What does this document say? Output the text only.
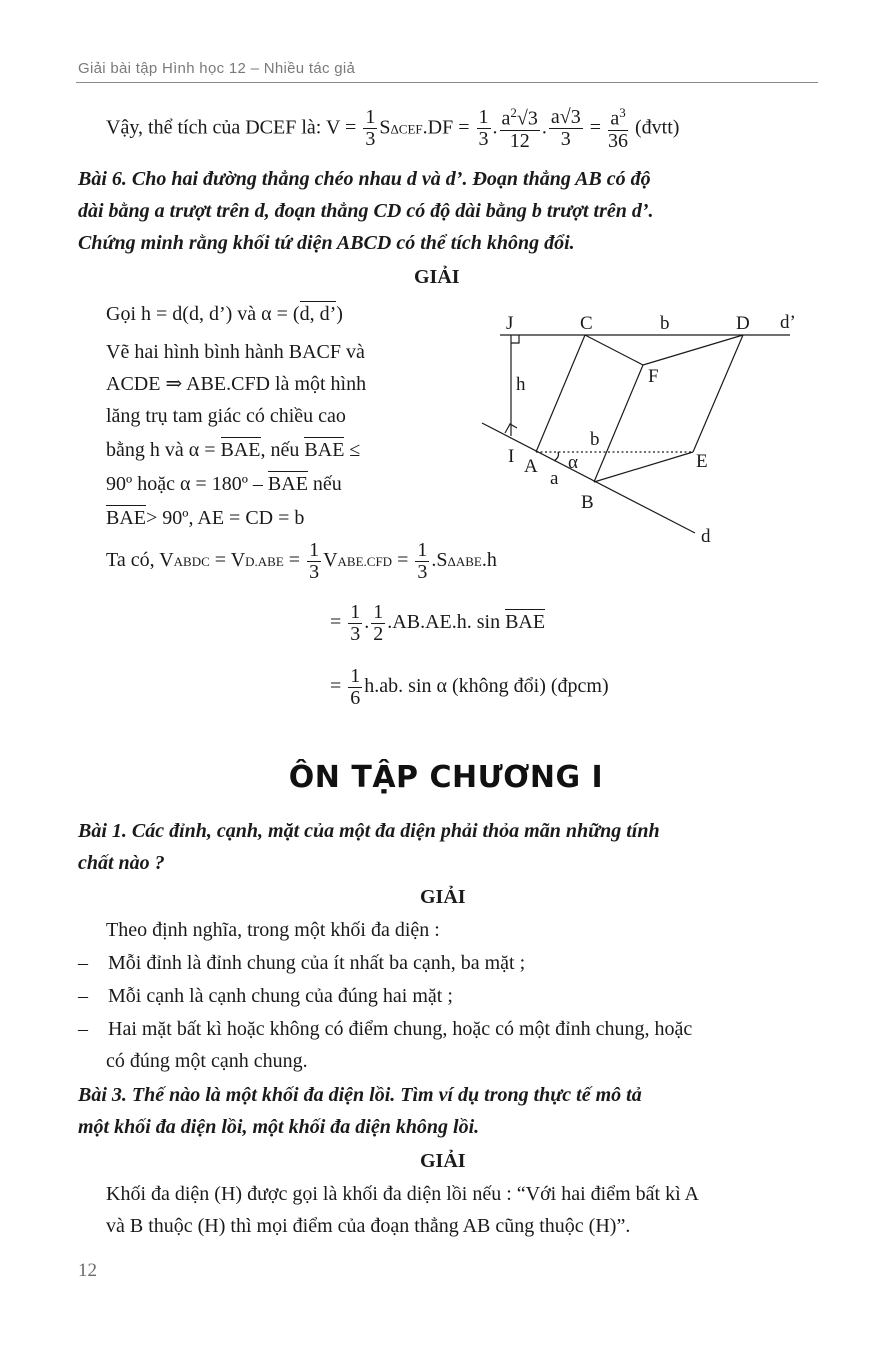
Giải bài tập Hình học 12 – Nhiều tác giả
Vậy, thể tích của DCEF là: $V = \frac{1}{3} S\Delta CEF.DF = \frac{1}{3}$ . $\frac{a^2√3}{12}$ . $\frac{a√3}{3} = \frac{a^3}{36}$ (đvtt)
Bài 6. Cho hai đường thẳng chéo nhau d và d’. Đoạn thẳng AB có độ
dài bằng a trượt trên d, đoạn thẳng CD có độ dài bằng b trượt trên d’.
Chứng minh rằng khối tứ diện ABCD có thể tích không đổi.
GIẢI
Gọi h = d(d, d’) và α = (d, d’)
Vẽ hai hình bình hành BACF và
ACDE ⇒ ABE.CFD là một hình
lăng trụ tam giác có chiều cao
bằng h và α = BAE, nếu BAE ≤
90º hoặc α = 180º – BAE nếu
BAE> 90º, AE = CD = b
Ta có, VABDC = $VD.ABE = \frac{1}{3}$ VABE.CFD = $\frac{1}{3} .S\Delta ABE.h$
= $\frac{1}{3}$ . $\frac{1}{2} .AB.AE.h$. sin BAE
= $\frac{1}{6} h.ab$. sin α (không đổi) (đpcm)
J	C	b	D d’
F
h
b
I A α	E
a
B
d
ÔN TẬP CHƯƠNG I
Bài 1. Các đỉnh, cạnh, mặt của một đa diện phải thỏa mãn những tính
chất nào ?
GIẢI
Theo định nghĩa, trong một khối đa diện :
– Mỗi đỉnh là đỉnh chung của ít nhất ba cạnh, ba mặt ;
– Mỗi cạnh là cạnh chung của đúng hai mặt ;
– Hai mặt bất kì hoặc không có điểm chung, hoặc có một đỉnh chung, hoặc
có đúng một cạnh chung.
Bài 3. Thế nào là một khối đa diện lồi. Tìm ví dụ trong thực tế mô tả
một khối đa diện lồi, một khối đa diện không lồi.
GIẢI
Khối đa diện (H) được gọi là khối đa diện lồi nếu : “Với hai điểm bất kì A
và B thuộc (H) thì mọi điểm của đoạn thẳng AB cũng thuộc (H)”.
12
